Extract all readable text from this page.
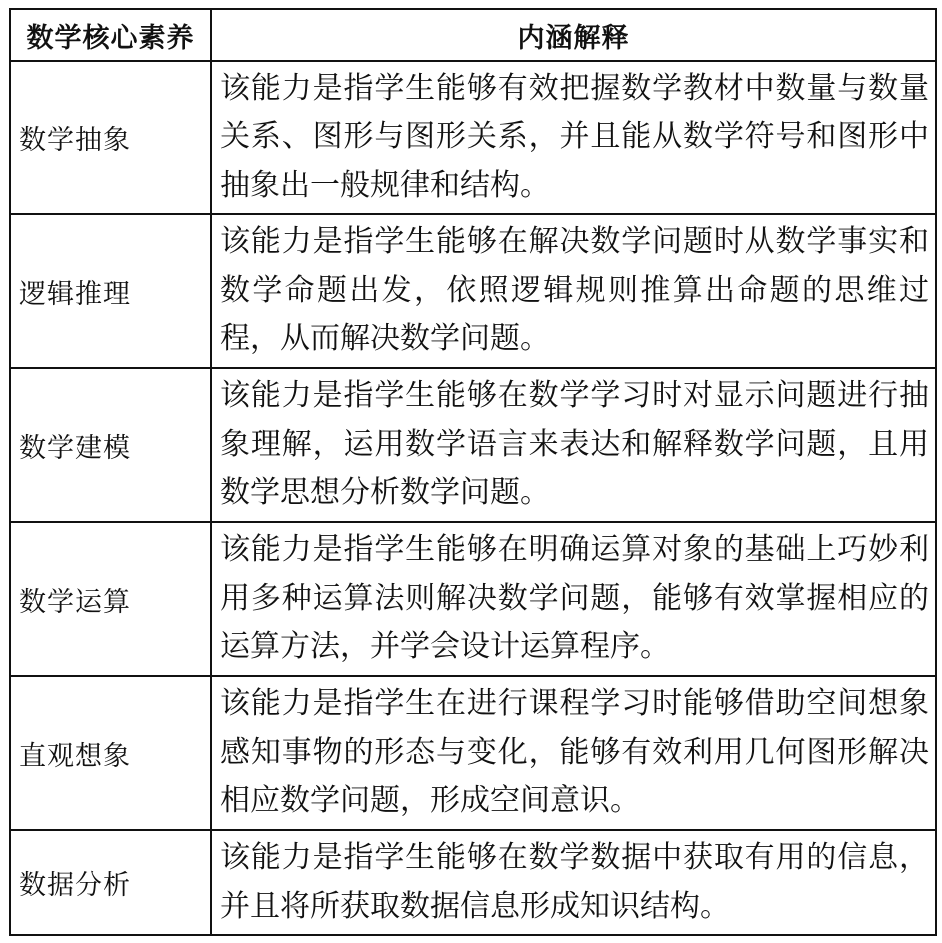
数学核心素养	内涵解释
数学抽象	该能力是指学生能够有效把握数学教材中数量与数量关系、图形与图形关系，并且能从数学符号和图形中抽象出一般规律和结构。
逻辑推理	该能力是指学生能够在解决数学问题时从数学事实和数学命题出发，依照逻辑规则推算出命题的思维过程，从而解决数学问题。
数学建模	该能力是指学生能够在数学学习时对显示问题进行抽象理解，运用数学语言来表达和解释数学问题，且用数学思想分析数学问题。
数学运算	该能力是指学生能够在明确运算对象的基础上巧妙利用多种运算法则解决数学问题，能够有效掌握相应的运算方法，并学会设计运算程序。
直观想象	该能力是指学生在进行课程学习时能够借助空间想象感知事物的形态与变化，能够有效利用几何图形解决相应数学问题，形成空间意识。
数据分析	该能力是指学生能够在数学数据中获取有用的信息，并且将所获取数据信息形成知识结构。
